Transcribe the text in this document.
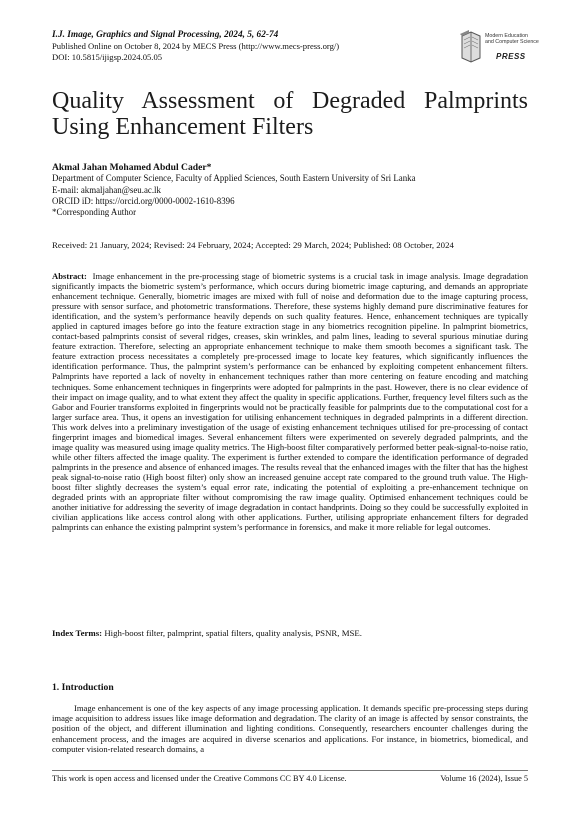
I.J. Image, Graphics and Signal Processing, 2024, 5, 62-74
Published Online on October 8, 2024 by MECS Press (http://www.mecs-press.org/)
DOI: 10.5815/ijigsp.2024.05.05
Modern Education
and Computer Science
PRESS
Quality Assessment of Degraded Palmprints
Using Enhancement Filters
Akmal Jahan Mohamed Abdul Cader*
Department of Computer Science, Faculty of Applied Sciences, South Eastern University of Sri Lanka
E-mail: akmaljahan@seu.ac.lk
ORCID iD: https://orcid.org/0000-0002-1610-8396
*Corresponding Author
Received: 21 January, 2024; Revised: 24 February, 2024; Accepted: 29 March, 2024; Published: 08 October, 2024
Abstract: Image enhancement in the pre-processing stage of biometric systems is a crucial task in image analysis. Image degradation significantly impacts the biometric system’s performance, which occurs during biometric image capturing, and demands an appropriate enhancement technique. Generally, biometric images are mixed with full of noise and deformation due to the image capturing process, pressure with sensor surface, and photometric transformations. Therefore, these systems highly demand pure discriminative features for identification, and the system’s performance heavily depends on such quality features. Hence, enhancement techniques are typically applied in captured images before go into the feature extraction stage in any biometrics recognition pipeline. In palmprint biometrics, contact-based palmprints consist of several ridges, creases, skin wrinkles, and palm lines, leading to several spurious minutiae during feature extraction. Therefore, selecting an appropriate enhancement technique to make them smooth becomes a significant task. The feature extraction process necessitates a completely pre-processed image to locate key features, which significantly influences the identification performance. Thus, the palmprint system’s performance can be enhanced by exploiting competent enhancement filters. Palmprints have reported a lack of novelty in enhancement techniques rather than more centering on feature encoding and matching techniques. Some enhancement techniques in fingerprints were adopted for palmprints in the past. However, there is no clear evidence of their impact on image quality, and to what extent they affect the quality in specific applications. Further, frequency level filters such as the Gabor and Fourier transforms exploited in fingerprints would not be practically feasible for palmprints due to the computational cost for a larger surface area. Thus, it opens an investigation for utilising enhancement techniques in degraded palmprints in a different direction. This work delves into a preliminary investigation of the usage of existing enhancement techniques utilised for pre-processing of contact fingerprint images and biomedical images. Several enhancement filters were experimented on severely degraded palmprints, and the image quality was measured using image quality metrics. The High-boost filter comparatively performed better peak-signal-to-noise ratio, while other filters affected the image quality. The experiment is further extended to compare the identification performance of degraded palmprints in the presence and absence of enhanced images. The results reveal that the enhanced images with the filter that has the highest peak signal-to-noise ratio (High boost filter) only show an increased genuine accept rate compared to the ground truth value. The High-boost filter slightly decreases the system’s equal error rate, indicating the potential of exploiting a pre-enhancement technique on degraded prints with an appropriate filter without compromising the raw image quality. Optimised enhancement techniques could be another initiative for addressing the severity of image degradation in contact handprints. Doing so they could be successfully exploited in civilian applications like access control along with other applications. Further, utilising appropriate enhancement filters for degraded palmprints can enhance the existing palmprint system’s performance in forensics, and make it more reliable for legal outcomes.
Index Terms: High-boost filter, palmprint, spatial filters, quality analysis, PSNR, MSE.
1. Introduction
Image enhancement is one of the key aspects of any image processing application. It demands specific pre-processing steps during image acquisition to address issues like image deformation and degradation. The clarity of an image is affected by sensor constraints, the position of the object, and different illumination and lighting conditions. Consequently, researchers encounter challenges during the enhancement process, and the images are acquired in diverse scenarios and applications. For instance, in biometrics, biomedical, and computer vision-related research domains, a
This work is open access and licensed under the Creative Commons CC BY 4.0 License.	Volume 16 (2024), Issue 5
